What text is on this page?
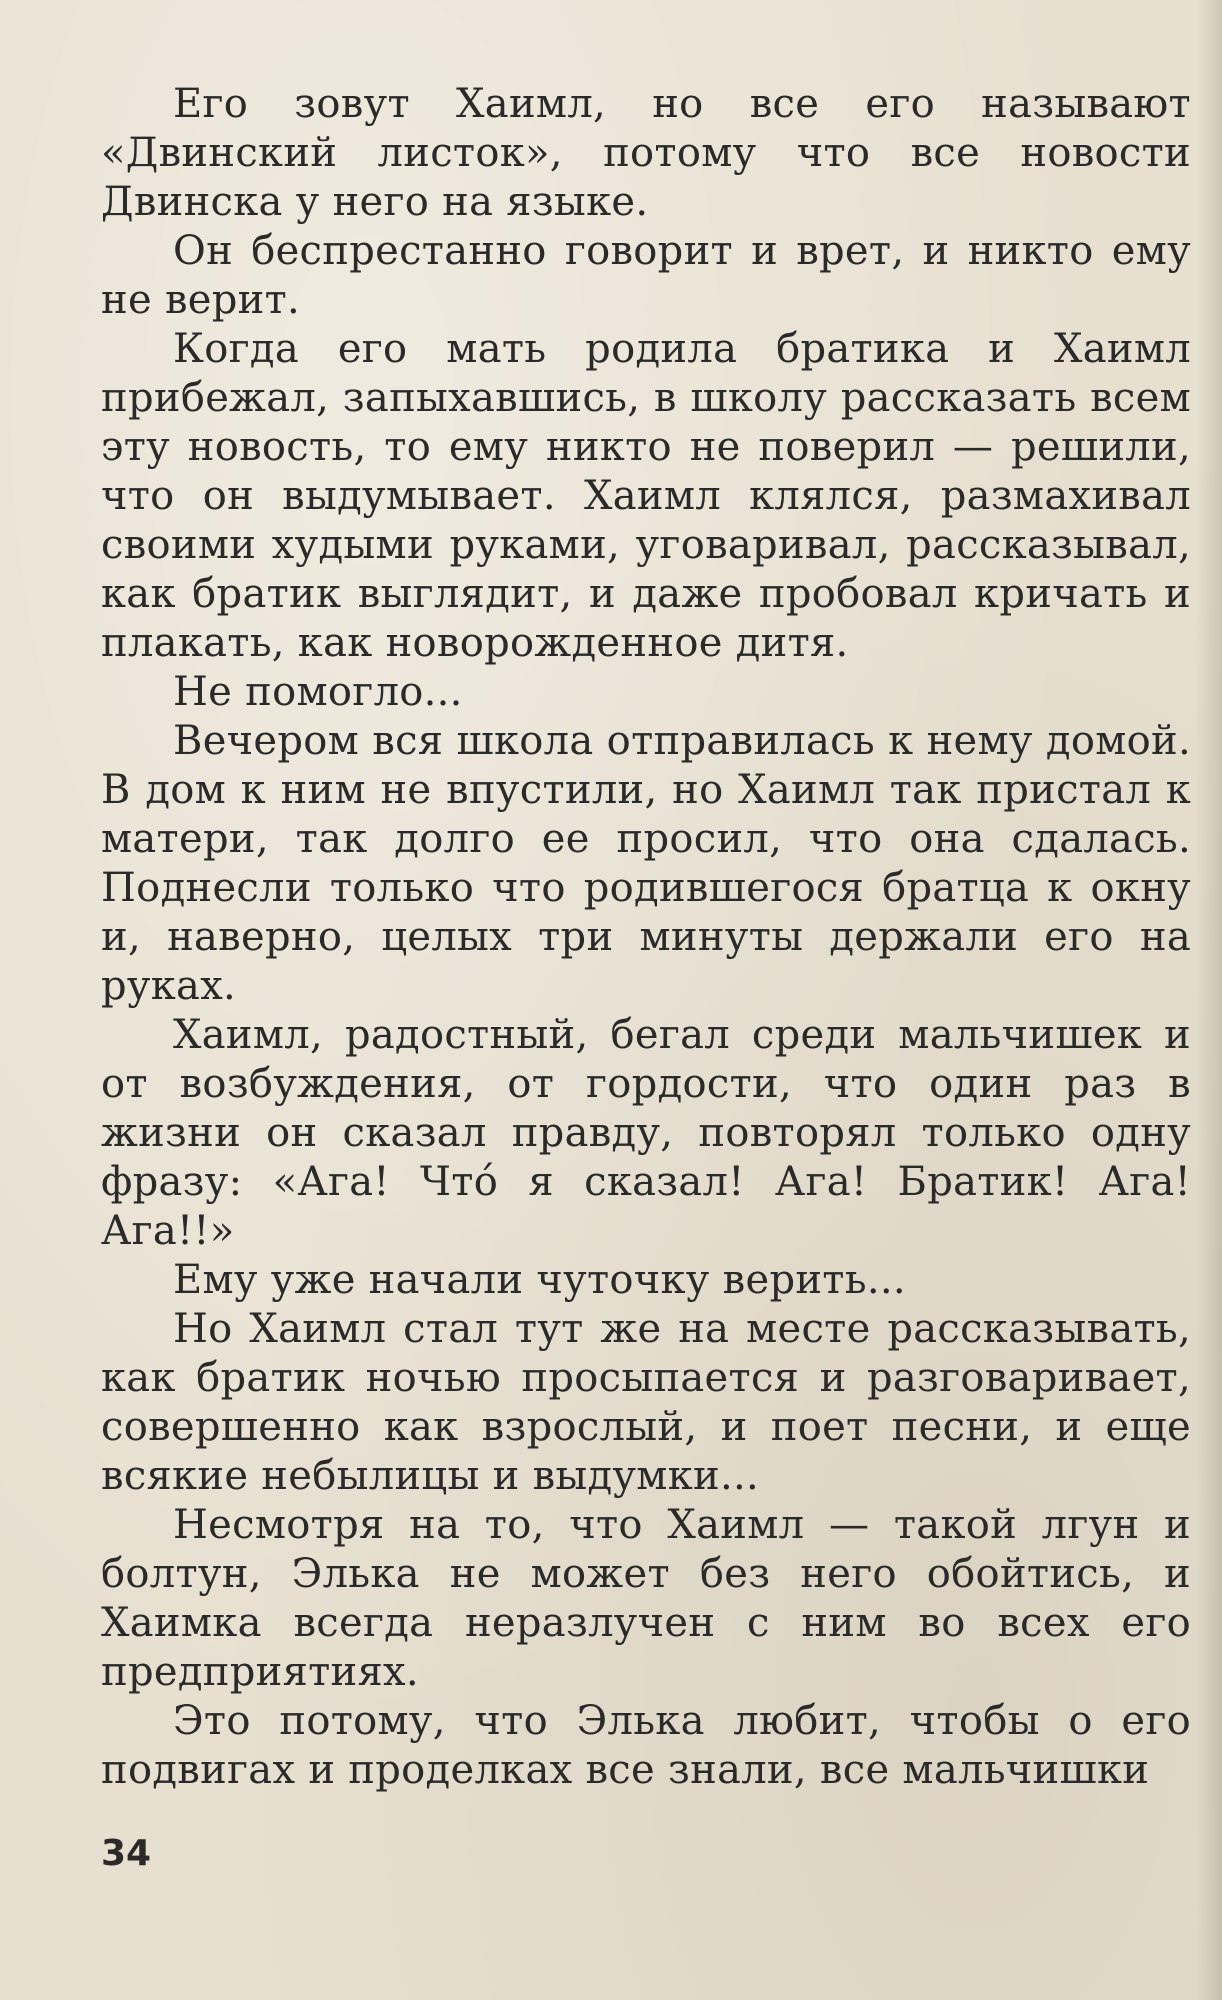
Его зовут Хаимл, но все его называют «Двинский листок», потому что все новости Двинска у него на языке.

Он беспрестанно говорит и врет, и никто ему не верит.

Когда его мать родила братика и Хаимл прибежал, запыхавшись, в школу рассказать всем эту новость, то ему никто не поверил — решили, что он выдумывает. Хаимл клялся, размахивал своими худыми руками, уговаривал, рассказывал, как братик выглядит, и даже пробовал кричать и плакать, как новорожденное дитя.

Не помогло...

Вечером вся школа отправилась к нему домой. В дом к ним не впустили, но Хаимл так пристал к матери, так долго ее просил, что она сдалась. Поднесли только что родившегося братца к окну и, наверно, целых три минуты держали его на руках.

Хаимл, радостный, бегал среди мальчишек и от возбуждения, от гордости, что один раз в жизни он сказал правду, повторял только одну фразу: «Ага! Что́ я сказал! Ага! Братик! Ага! Ага!!»

Ему уже начали чуточку верить...

Но Хаимл стал тут же на месте рассказывать, как братик ночью просыпается и разговаривает, совершенно как взрослый, и поет песни, и еще всякие небылицы и выдумки...

Несмотря на то, что Хаимл — такой лгун и болтун, Элька не может без него обойтись, и Хаимка всегда неразлучен с ним во всех его предприятиях.

Это потому, что Элька любит, чтобы о его подвигах и проделках все знали, все мальчишки

34
